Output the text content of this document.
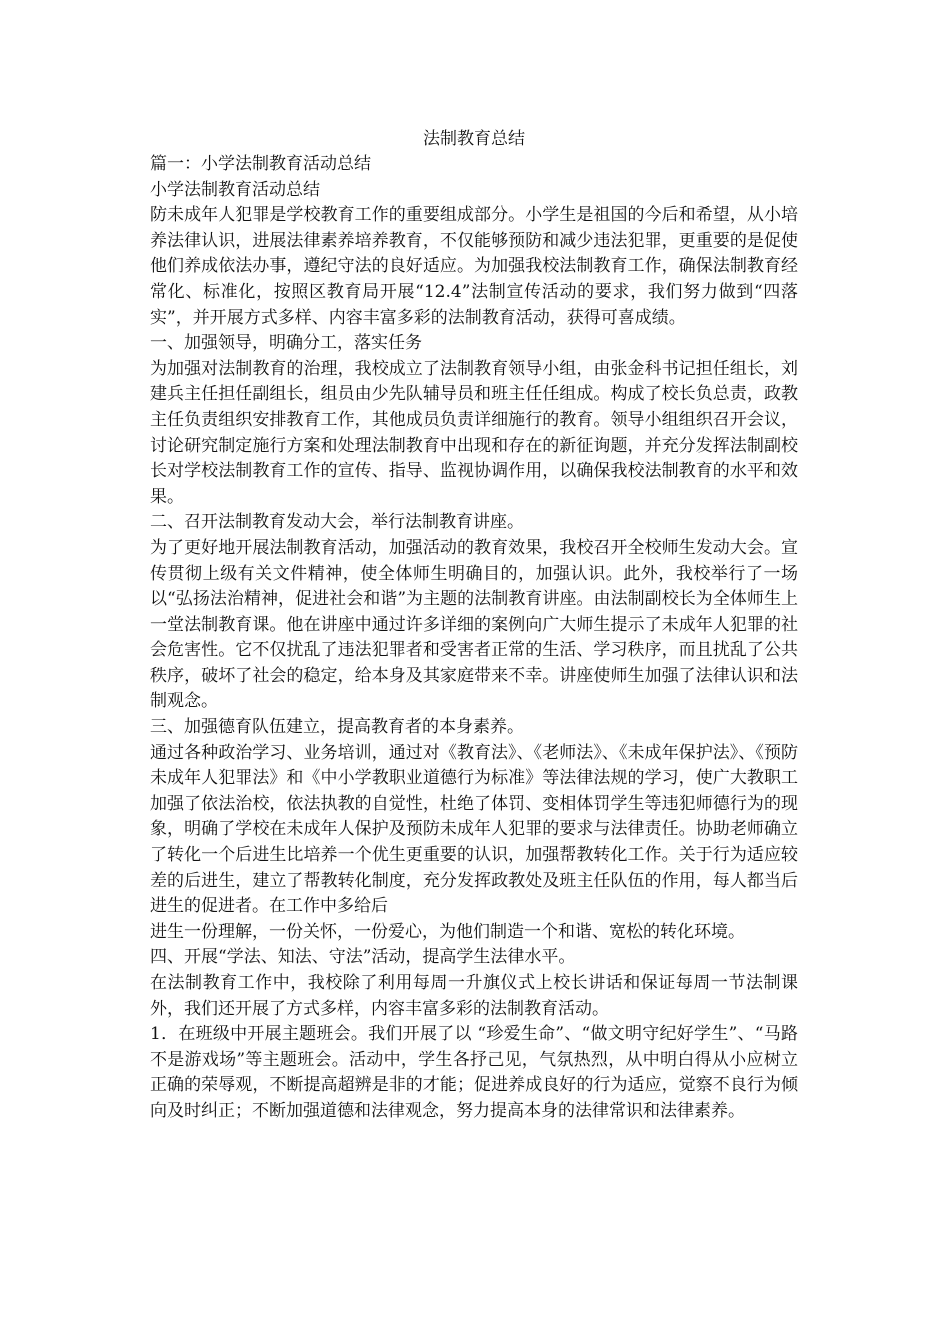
法制教育总结

篇一：小学法制教育活动总结

小学法制教育活动总结

防未成年人犯罪是学校教育工作的重要组成部分。小学生是祖国的今后和希望，从小培养法律认识，进展法律素养培养教育，不仅能够预防和减少违法犯罪，更重要的是促使他们养成依法办事，遵纪守法的良好适应。为加强我校法制教育工作，确保法制教育经常化、标准化，按照区教育局开展“12.4”法制宣传活动的要求，我们努力做到“四落实”，并开展方式多样、内容丰富多彩的法制教育活动，获得可喜成绩。

一、加强领导，明确分工，落实任务

为加强对法制教育的治理，我校成立了法制教育领导小组，由张金科书记担任组长，刘建兵主任担任副组长，组员由少先队辅导员和班主任任组成。构成了校长负总责，政教主任负责组织安排教育工作，其他成员负责详细施行的教育。领导小组组织召开会议，讨论研究制定施行方案和处理法制教育中出现和存在的新征询题，并充分发挥法制副校长对学校法制教育工作的宣传、指导、监视协调作用，以确保我校法制教育的水平和效果。

二、召开法制教育发动大会，举行法制教育讲座。

为了更好地开展法制教育活动，加强活动的教育效果，我校召开全校师生发动大会。宣传贯彻上级有关文件精神，使全体师生明确目的，加强认识。此外，我校举行了一场以“弘扬法治精神，促进社会和谐”为主题的法制教育讲座。由法制副校长为全体师生上一堂法制教育课。他在讲座中通过许多详细的案例向广大师生提示了未成年人犯罪的社会危害性。它不仅扰乱了违法犯罪者和受害者正常的生活、学习秩序，而且扰乱了公共秩序，破坏了社会的稳定，给本身及其家庭带来不幸。讲座使师生加强了法律认识和法制观念。

三、加强德育队伍建立，提高教育者的本身素养。

通过各种政治学习、业务培训，通过对《教育法》、《老师法》、《未成年保护法》、《预防未成年人犯罪法》和《中小学教职业道德行为标准》等法律法规的学习，使广大教职工加强了依法治校，依法执教的自觉性，杜绝了体罚、变相体罚学生等违犯师德行为的现象，明确了学校在未成年人保护及预防未成年人犯罪的要求与法律责任。协助老师确立了转化一个后进生比培养一个优生更重要的认识，加强帮教转化工作。关于行为适应较差的后进生，建立了帮教转化制度，充分发挥政教处及班主任队伍的作用，每人都当后进生的促进者。在工作中多给后

进生一份理解，一份关怀，一份爱心，为他们制造一个和谐、宽松的转化环境。

四、开展“学法、知法、守法”活动，提高学生法律水平。

在法制教育工作中，我校除了利用每周一升旗仪式上校长讲话和保证每周一节法制课外，我们还开展了方式多样，内容丰富多彩的法制教育活动。

1．在班级中开展主题班会。我们开展了以 “珍爱生命”、“做文明守纪好学生”、“马路不是游戏场”等主题班会。活动中，学生各抒己见，气氛热烈，从中明白得从小应树立正确的荣辱观，不断提高超辨是非的才能；促进养成良好的行为适应，觉察不良行为倾向及时纠正；不断加强道德和法律观念，努力提高本身的法律常识和法律素养。
